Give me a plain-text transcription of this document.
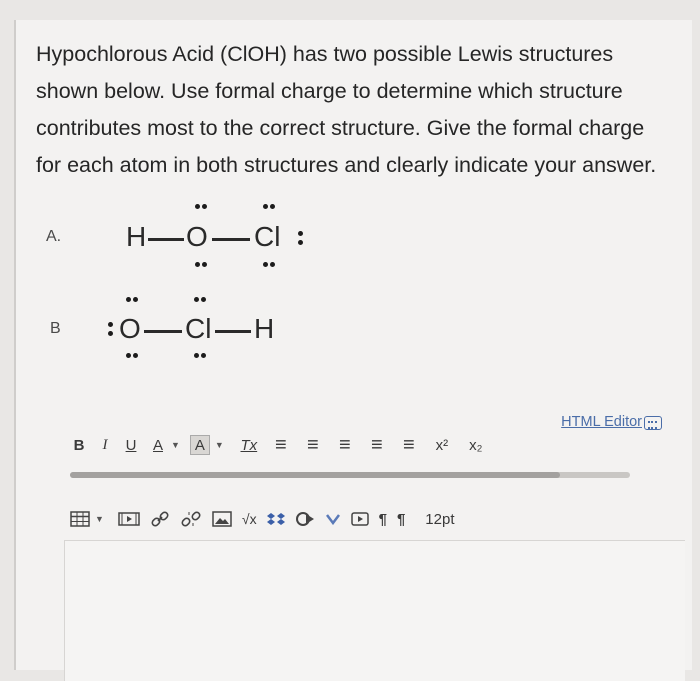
Hypochlorous Acid (ClOH) has two possible Lewis structures
shown below. Use formal charge to determine which structure
contributes most to the correct structure. Give the formal charge
for each atom in both structures and clearly indicate your answer.
A. H O Cl
B O Cl H
HTML Editor
B	I	U A ▼ A	▼ Tx ≡ ≡ ≡ ≡ ≡	x²	x₂
▼	√x	¶ ¶ 12pt
